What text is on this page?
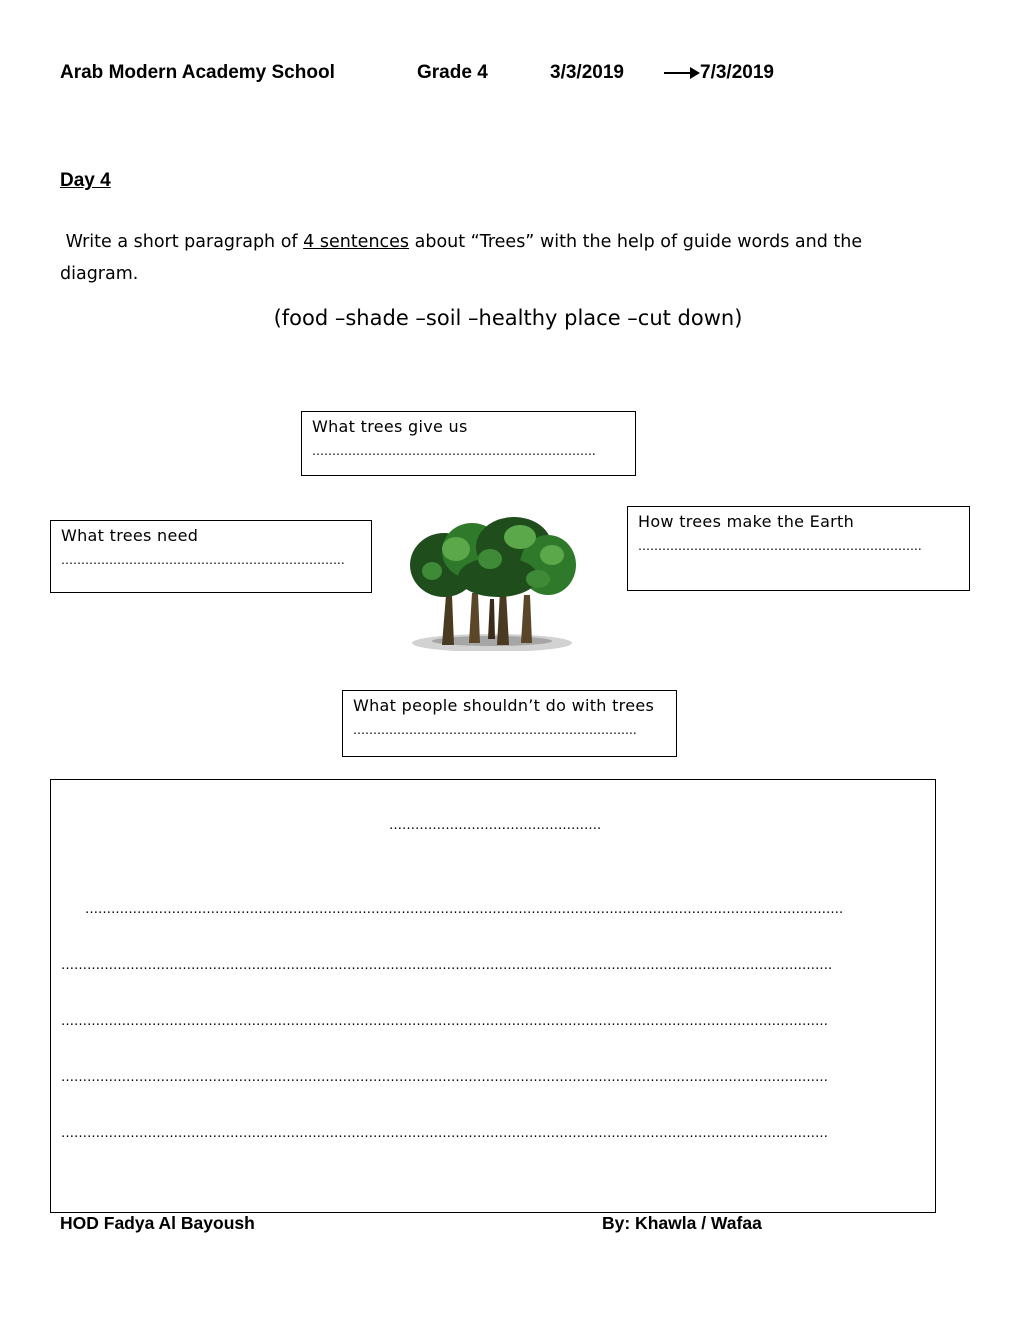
Arab Modern Academy School	Grade 4	3/3/2019	7/3/2019
Day 4
Write a short paragraph of 4 sentences about “Trees” with the help of guide words and the diagram.
(food –shade –soil –healthy place –cut down)
What trees give us
……………………………………………………………..
What trees need
……………………………………………………………..
How trees make the Earth
……………………………………………………………..
What people shouldn’t do with trees
……………………………………………………………..
………………………………………….
………………………………………………………………………………………………………………………………………………………….
…………………………………………………………………………………………………………………………………………………………….
……………………………………………………………………………………………………………………………………………………………
……………………………………………………………………………………………………………………………………………………………
……………………………………………………………………………………………………………………………………………………………
HOD Fadya Al Bayoush	By: Khawla / Wafaa
